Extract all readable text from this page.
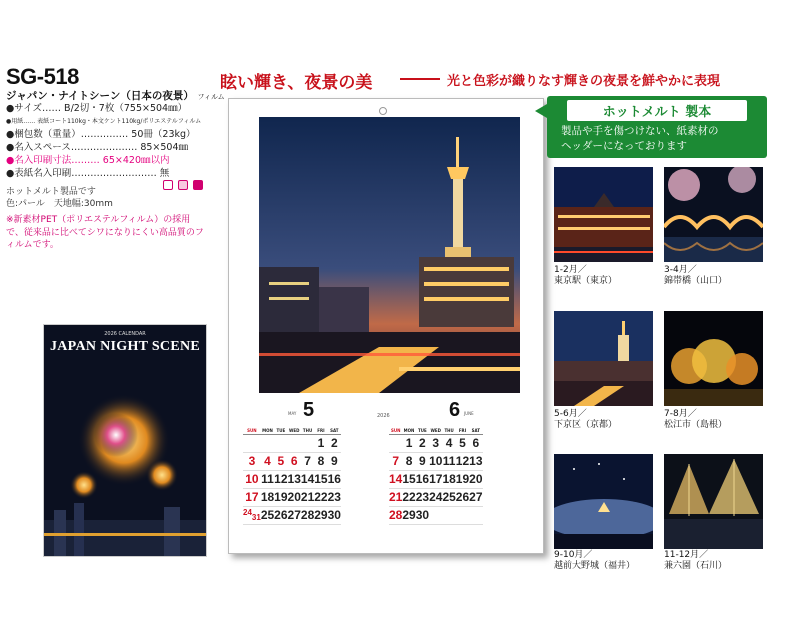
SG-518
ジャパン・ナイトシーン（日本の夜景） フィルム
●サイズ…… B/2切・7枚（755×504㎜）
●用紙…… 表紙コート110kg・本文ケント110kg/ポリエステルフィルム
●梱包数（重量）…………… 50冊（23kg）
●名入スペース………………… 85×504㎜
●名入印刷寸法……… 65×420㎜以内
●表紙名入印刷……………………… 無
ホットメルト製品です
色:パール　天地幅:30mm
※新素材PET（ポリエステルフィルム）の採用で、従来品に比べてシワになりにくい高品質のフィルムです。
2026 CALENDAR
JAPAN NIGHT SCENE
眩い輝き、夜景の美	光と色彩が織りなす輝きの夜景を鮮やかに表現
5
MAY
SUN	MON	TUE	WED	THU	FRI	SAT
					1	2
3	4	5	6	7	8	9
10	11	12	13	14	15	16
17	18	19	20	21	22	23
$^{24}$31	25	26	27	28	29	30
2026	6 JUNE
SUN	MON	TUE	WED	THU	FRI	SAT
	1	2	3	4	5	6
7	8	9	10	11	12	13
14	15	16	17	18	19	20
21	22	23	24	25	26	27
28	29	30				
ホットメルト 製本
製品や手を傷つけない、紙素材の
ヘッダーになっております
1-2月／
東京駅（東京）
3-4月／
錦帯橋（山口）
5-6月／
下京区（京都）
7-8月／
松江市（島根）
9-10月／
越前大野城（福井）
11-12月／
兼六園（石川）
